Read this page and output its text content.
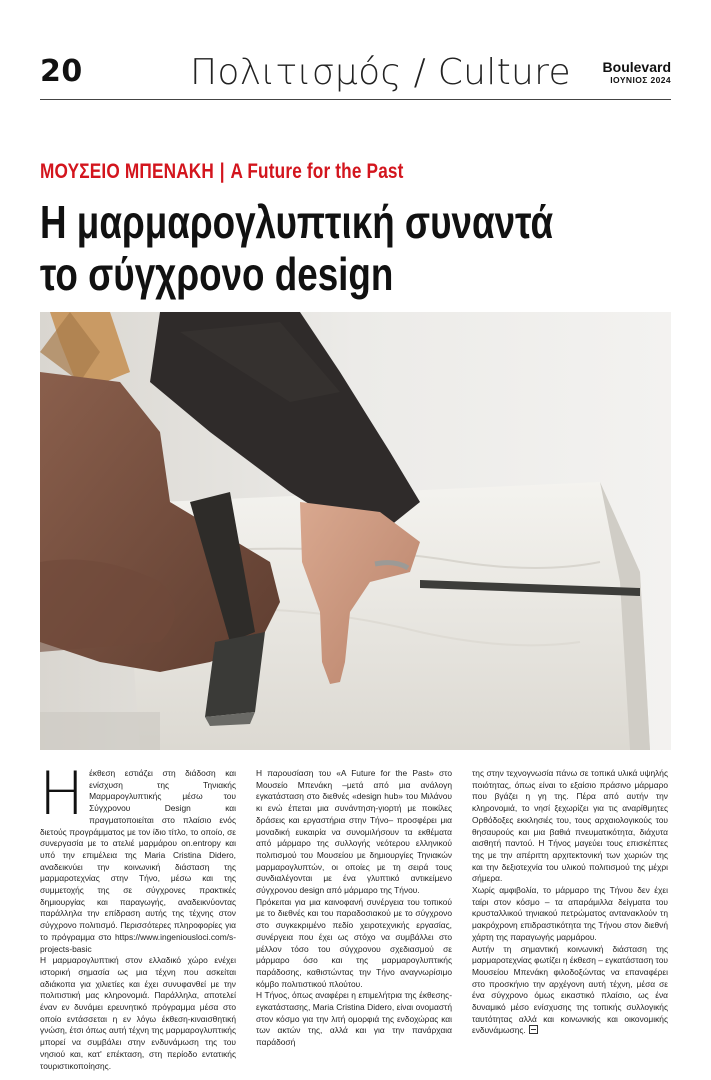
20	Πολιτισμός / Culture Boulevard
ΙΟΥΝΙΟΣ 2024
ΜΟΥΣΕΙΟ ΜΠΕΝΑΚΗ | A Future for the Past
Η μαρμαρογλυπτική συναντά
το σύγχρονο design

Ηέκθεση εστιάζει στη διάδοση και ενίσχυση της Τηνιακής Μαρμαρογλυπτικής μέσω του Σύγχρονου Design και πραγματοποιείται στο πλαίσιο ενός διετούς προγράμματος με τον ίδιο τίτλο, το οποίο, σε συνεργασία με το ατελιέ μαρμάρου on.entropy και υπό την επιμέλεια της Maria Cristina Didero, αναδεικνύει την κοινωνική διάσταση της μαρμαροτεχνίας στην Τήνο, μέσω και της συμμετοχής της σε σύγχρονες πρακτικές δημιουργίας και παραγωγής, αναδεικνύοντας παράλληλα την επίδραση αυτής της τέχνης στον σύγχρονο πολιτισμό. Περισσότερες πληροφορίες για το πρόγραμμα στο https://www.ingeniousloci.com/s-projects-basic

Η μαρμαρογλυπτική στον ελλαδικό χώρο ενέχει ιστορική σημασία ως μια τέχνη που ασκείται αδιάκοπα για χιλιετίες και έχει συνυφανθεί με την πολιτιστική μας κληρονομιά. Παράλληλα, αποτελεί έναν εν δυνάμει ερευνητικό πρόγραμμα μέσα στο οποίο εντάσσεται η εν λόγω έκθεση-κιναισθητική γνώση, έτσι όπως αυτή τέχνη της μαρμαρογλυπτικής μπορεί να συμβάλει στην ενδυνάμωση της του νησιού και, κατ' επέκταση, στη περίοδο εντατικής τουριστικοποίησης.

Η παρουσίαση του «A Future for the Past» στο Μουσείο Μπενάκη –μετά από μια ανάλογη εγκατάσταση στο διεθνές «design hub» του Μιλάνου κι ενώ έπεται μια συνάντηση-γιορτή με ποικίλες δράσεις και εργαστήρια στην Τήνο– προσφέρει μια μοναδική ευκαιρία να συνομιλήσουν τα εκθέματα από μάρμαρο της συλλογής νεότερου ελληνικού πολιτισμού του Μουσείου με δημιουργίες Τηνιακών μαρμαρογλυπτών, οι οποίες με τη σειρά τους συνδιαλέγονται με ένα γλυπτικό αντικείμενο σύγχρονου design από μάρμαρο της Τήνου.

Πρόκειται για μια καινοφανή συνέργεια του τοπικού με το διεθνές και του παραδοσιακού με το σύγχρονο στο συγκεκριμένο πεδίο χειροτεχνικής εργασίας, συνέργεια που έχει ως στόχο να συμβάλλει στο μέλλον τόσο του σύγχρονου σχεδιασμού σε μάρμαρο όσο και της μαρμαρογλυπτικής παράδοσης, καθιστώντας την Τήνο αναγνωρίσιμο κόμβο πολιτιστικού πλούτου.

Η Τήνος, όπως αναφέρει η επιμελήτρια της έκθεσης-εγκατάστασης, Maria Cristina Didero, είναι ονομαστή στον κόσμο για την λιτή ομορφιά της ενδοχώρας και των ακτών της, αλλά και για την πανάρχαια παράδοσή

της στην τεχνογνωσία πάνω σε τοπικά υλικά υψηλής ποιότητας, όπως είναι το εξαίσιο πράσινο μάρμαρο που βγάζει η γη της. Πέρα από αυτήν την κληρονομιά, το νησί ξεχωρίζει για τις αναρίθμητες Ορθόδοξες εκκλησιές του, τους αρχαιολογικούς του θησαυρούς και μια βαθιά πνευματικότητα, διάχυτα αισθητή παντού. Η Τήνος μαγεύει τους επισκέπτες της με την απέριττη αρχιτεκτονική των χωριών της και την δεξιοτεχνία του υλικού πολιτισμού της μέχρι σήμερα.

Χωρίς αμφιβολία, το μάρμαρο της Τήνου δεν έχει ταίρι στον κόσμο – τα απαράμιλλα δείγματα του κρυσταλλικού τηνιακού πετρώματος αντανακλούν τη μακρόχρονη επιδραστικότητα της Τήνου στον διεθνή χάρτη της παραγωγής μαρμάρου.

Αυτήν τη σημαντική κοινωνική διάσταση της μαρμαροτεχνίας φωτίζει η έκθεση – εγκατάσταση του Μουσείου Μπενάκη φιλοδοξώντας να επαναφέρει στο προσκήνιο την αρχέγονη αυτή τέχνη, μέσα σε ένα σύγχρονο όμως εικαστικό πλαίσιο, ως ένα δυναμικό μέσο ενίσχυσης της τοπικής συλλογικής ταυτότητας αλλά και κοινωνικής και οικονομικής ενδυνάμωσης.
